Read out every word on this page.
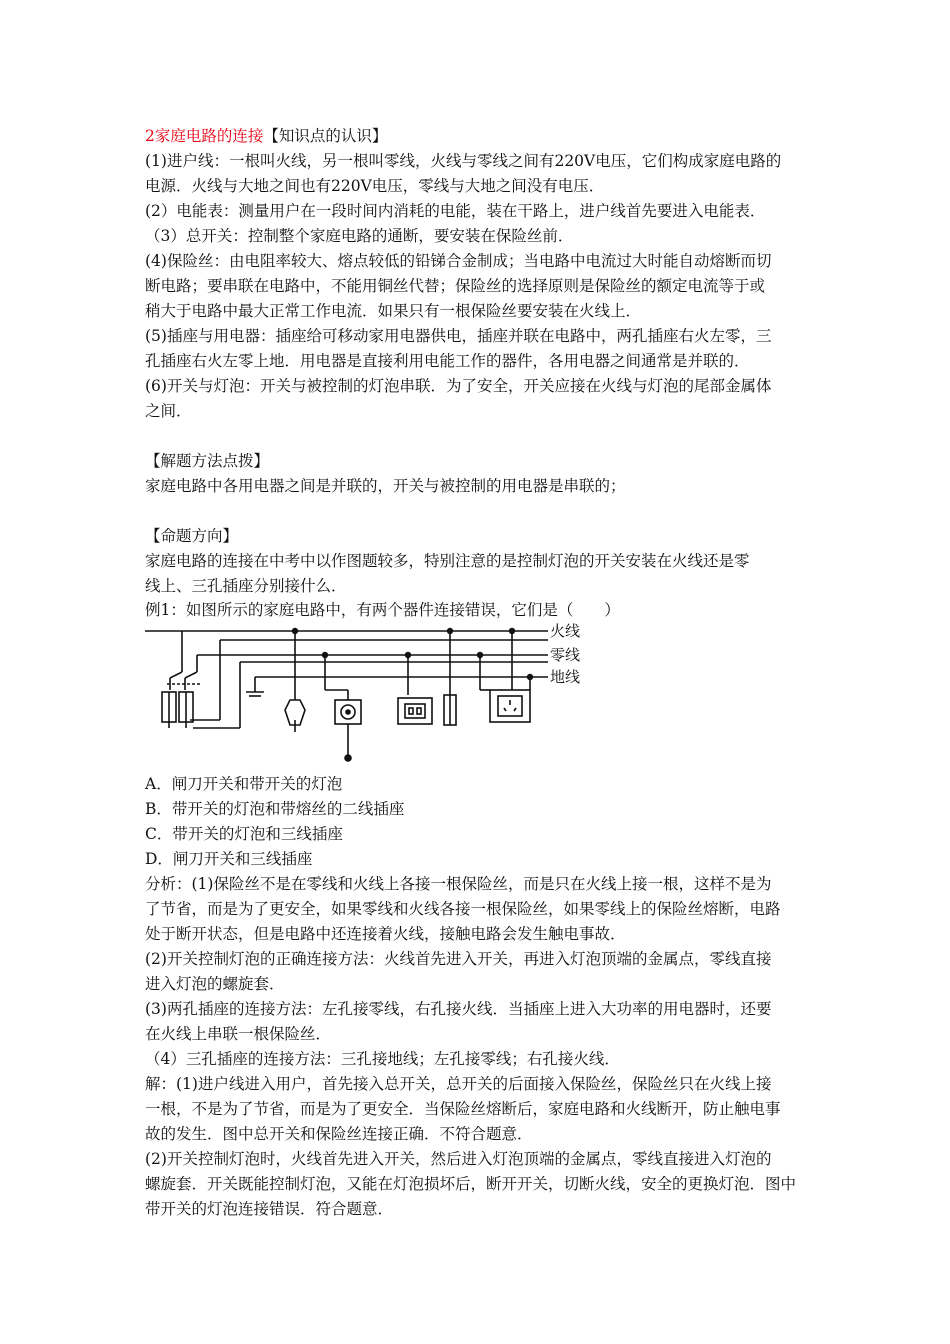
2家庭电路的连接【知识点的认识】
(1)进户线：一根叫火线，另一根叫零线，火线与零线之间有220V电压，它们构成家庭电路的
电源．火线与大地之间也有220V电压，零线与大地之间没有电压．
(2）电能表：测量用户在一段时间内消耗的电能，装在干路上，进户线首先要进入电能表．
（3）总开关：控制整个家庭电路的通断，要安装在保险丝前．
(4)保险丝：由电阻率较大、熔点较低的铅锑合金制成；当电路中电流过大时能自动熔断而切
断电路；要串联在电路中，不能用铜丝代替；保险丝的选择原则是保险丝的额定电流等于或
稍大于电路中最大正常工作电流．如果只有一根保险丝要安装在火线上．
(5)插座与用电器：插座给可移动家用电器供电，插座并联在电路中，两孔插座右火左零，三
孔插座右火左零上地．用电器是直接利用电能工作的器件，各用电器之间通常是并联的．
(6)开关与灯泡：开关与被控制的灯泡串联．为了安全，开关应接在火线与灯泡的尾部金属体
之间．
【解题方法点拨】
家庭电路中各用电器之间是并联的，开关与被控制的用电器是串联的；
【命题方向】
家庭电路的连接在中考中以作图题较多，特别注意的是控制灯泡的开关安装在火线还是零
线上、三孔插座分别接什么．
例1：如图所示的家庭电路中，有两个器件连接错误，它们是（　　）
火线
零线
地线
A．闸刀开关和带开关的灯泡
B．带开关的灯泡和带熔丝的二线插座
C．带开关的灯泡和三线插座
D．闸刀开关和三线插座
分析：(1)保险丝不是在零线和火线上各接一根保险丝，而是只在火线上接一根，这样不是为
了节省，而是为了更安全，如果零线和火线各接一根保险丝，如果零线上的保险丝熔断，电路
处于断开状态，但是电路中还连接着火线，接触电路会发生触电事故．
(2)开关控制灯泡的正确连接方法：火线首先进入开关，再进入灯泡顶端的金属点，零线直接
进入灯泡的螺旋套．
(3)两孔插座的连接方法：左孔接零线，右孔接火线．当插座上进入大功率的用电器时，还要
在火线上串联一根保险丝．
（4）三孔插座的连接方法：三孔接地线；左孔接零线；右孔接火线．
解：(1)进户线进入用户，首先接入总开关，总开关的后面接入保险丝，保险丝只在火线上接
一根，不是为了节省，而是为了更安全．当保险丝熔断后，家庭电路和火线断开，防止触电事
故的发生．图中总开关和保险丝连接正确．不符合题意．
(2)开关控制灯泡时，火线首先进入开关，然后进入灯泡顶端的金属点，零线直接进入灯泡的
螺旋套．开关既能控制灯泡，又能在灯泡损坏后，断开开关，切断火线，安全的更换灯泡．图中
带开关的灯泡连接错误．符合题意．
